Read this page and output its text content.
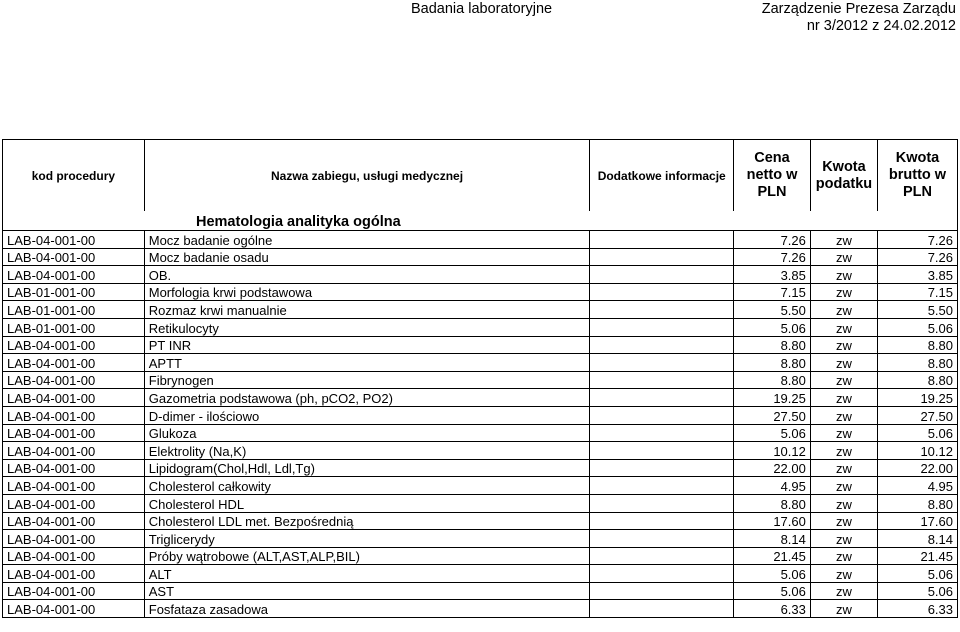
Badania laboratoryjne	Zarządzenie Prezesa Zarządu
nr 3/2012 z 24.02.2012
kod procedury	Nazwa zabiegu, usługi medycznej	Dodatkowe informacje	Cena netto w PLN	Kwota podatku	Kwota brutto w PLN
Hematologia analityka ogólna					
LAB-04-001-00	Mocz badanie ogólne		7.26	zw	7.26
LAB-04-001-00	Mocz badanie osadu		7.26	zw	7.26
LAB-04-001-00	OB.		3.85	zw	3.85
LAB-01-001-00	Morfologia krwi podstawowa		7.15	zw	7.15
LAB-01-001-00	Rozmaz krwi manualnie		5.50	zw	5.50
LAB-01-001-00	Retikulocyty		5.06	zw	5.06
LAB-04-001-00	PT INR		8.80	zw	8.80
LAB-04-001-00	APTT		8.80	zw	8.80
LAB-04-001-00	Fibrynogen		8.80	zw	8.80
LAB-04-001-00	Gazometria podstawowa (ph, pCO2, PO2)		19.25	zw	19.25
LAB-04-001-00	D-dimer - ilościowo		27.50	zw	27.50
LAB-04-001-00	Glukoza		5.06	zw	5.06
LAB-04-001-00	Elektrolity (Na,K)		10.12	zw	10.12
LAB-04-001-00	Lipidogram(Chol,Hdl, Ldl,Tg)		22.00	zw	22.00
LAB-04-001-00	Cholesterol całkowity		4.95	zw	4.95
LAB-04-001-00	Cholesterol HDL		8.80	zw	8.80
LAB-04-001-00	Cholesterol LDL met. Bezpośrednią		17.60	zw	17.60
LAB-04-001-00	Triglicerydy		8.14	zw	8.14
LAB-04-001-00	Próby wątrobowe (ALT,AST,ALP,BIL)		21.45	zw	21.45
LAB-04-001-00	ALT		5.06	zw	5.06
LAB-04-001-00	AST		5.06	zw	5.06
LAB-04-001-00	Fosfataza zasadowa		6.33	zw	6.33
